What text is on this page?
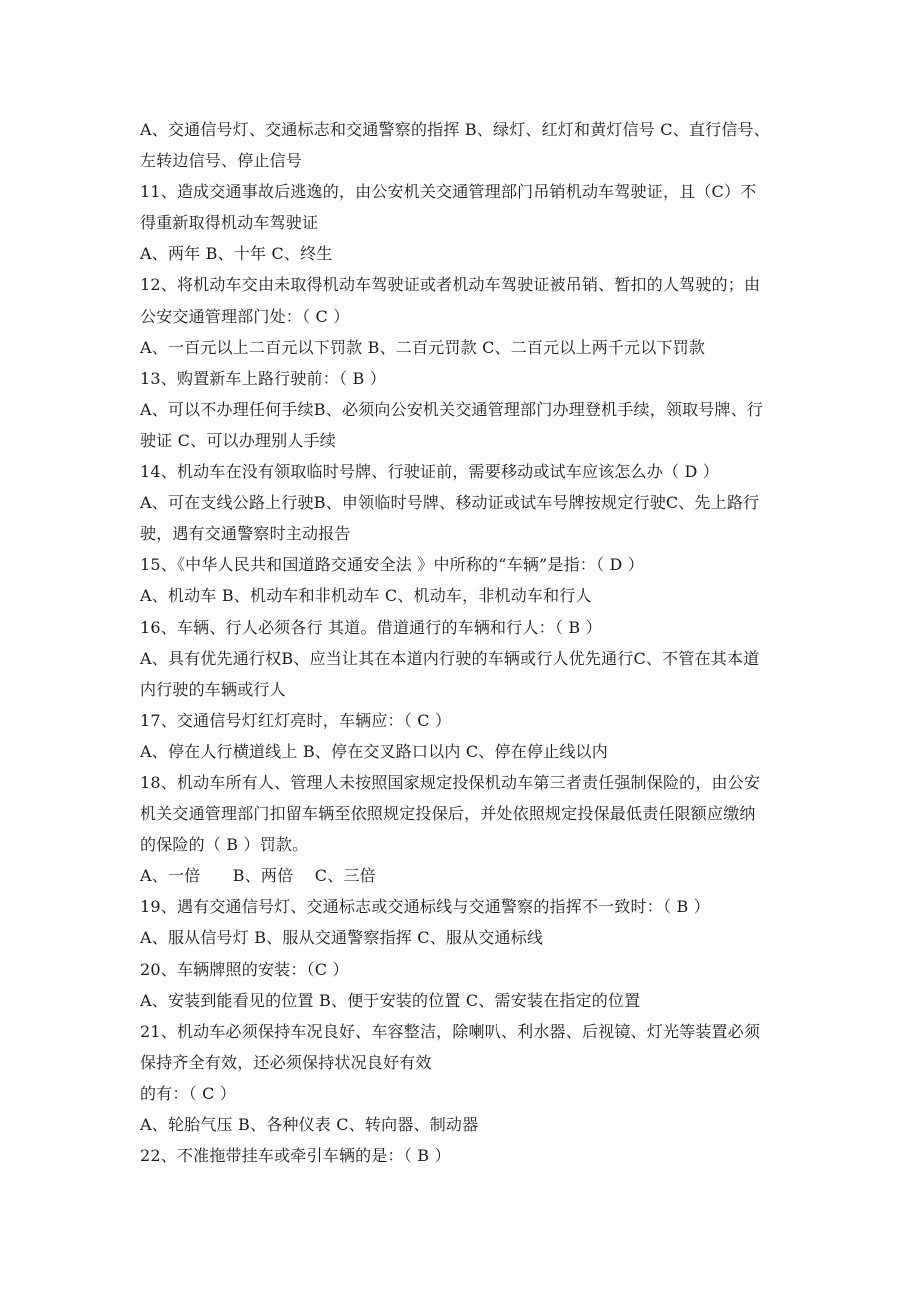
A、交通信号灯、交通标志和交通警察的指挥 B、绿灯、红灯和黄灯信号 C、直行信号、
左转边信号、停止信号
11、造成交通事故后逃逸的，由公安机关交通管理部门吊销机动车驾驶证，且（C）不
得重新取得机动车驾驶证
A、两年 B、十年 C、终生
12、将机动车交由未取得机动车驾驶证或者机动车驾驶证被吊销、暂扣的人驾驶的；由
公安交通管理部门处：（ C ）
A、一百元以上二百元以下罚款 B、二百元罚款 C、二百元以上两千元以下罚款
13、购置新车上路行驶前：（ B ）
A、可以不办理任何手续B、必须向公安机关交通管理部门办理登机手续，领取号牌、行
驶证 C、可以办理别人手续
14、机动车在没有领取临时号牌、行驶证前，需要移动或试车应该怎么办（ D ）
A、可在支线公路上行驶B、申领临时号牌、移动证或试车号牌按规定行驶C、先上路行
驶，遇有交通警察时主动报告
15、《中华人民共和国道路交通安全法 》中所称的“车辆”是指：（ D ）
A、机动车 B、机动车和非机动车 C、机动车，非机动车和行人
16、车辆、行人必须各行 其道。借道通行的车辆和行人：（ B ）
A、具有优先通行权B、应当让其在本道内行驶的车辆或行人优先通行C、不管在其本道
内行驶的车辆或行人
17、交通信号灯红灯亮时，车辆应：（ C ）
A、停在人行横道线上 B、停在交叉路口以内 C、停在停止线以内
18、机动车所有人、管理人未按照国家规定投保机动车第三者责任强制保险的，由公安
机关交通管理部门扣留车辆至依照规定投保后，并处依照规定投保最低责任限额应缴纳
的保险的（ B ）罚款。
A、一倍　　B、两倍　 C、三倍
19、遇有交通信号灯、交通标志或交通标线与交通警察的指挥不一致时：（ B ）
A、服从信号灯 B、服从交通警察指挥 C、服从交通标线
20、车辆牌照的安装：（C ）
A、安装到能看见的位置 B、便于安装的位置 C、需安装在指定的位置
21、机动车必须保持车况良好、车容整洁，除喇叭、利水器、后视镜、灯光等装置必须
保持齐全有效，还必须保持状况良好有效
的有：（ C ）
A、轮胎气压 B、各种仪表 C、转向器、制动器
22、不准拖带挂车或牵引车辆的是：（ B ）
